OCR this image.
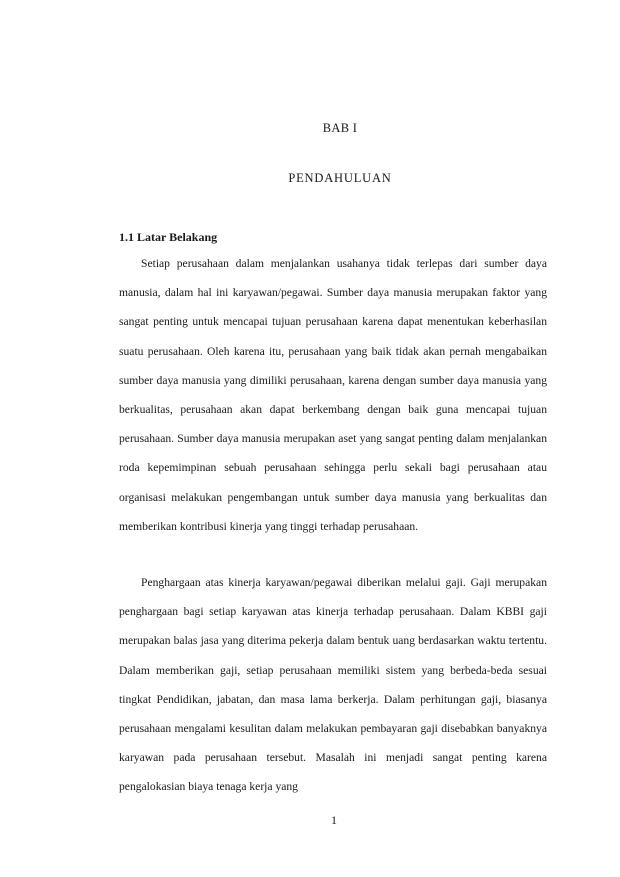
BAB I
PENDAHULUAN
1.1 Latar Belakang

Setiap perusahaan dalam menjalankan usahanya tidak terlepas dari sumber daya manusia, dalam hal ini karyawan/pegawai. Sumber daya manusia merupakan faktor yang sangat penting untuk mencapai tujuan perusahaan karena dapat menentukan keberhasilan suatu perusahaan. Oleh karena itu, perusahaan yang baik tidak akan pernah mengabaikan sumber daya manusia yang dimiliki perusahaan, karena dengan sumber daya manusia yang berkualitas, perusahaan akan dapat berkembang dengan baik guna mencapai tujuan perusahaan. Sumber daya manusia merupakan aset yang sangat penting dalam menjalankan roda kepemimpinan sebuah perusahaan sehingga perlu sekali bagi perusahaan atau organisasi melakukan pengembangan untuk sumber daya manusia yang berkualitas dan memberikan kontribusi kinerja yang tinggi terhadap perusahaan.

Penghargaan atas kinerja karyawan/pegawai diberikan melalui gaji. Gaji merupakan penghargaan bagi setiap karyawan atas kinerja terhadap perusahaan. Dalam KBBI gaji merupakan balas jasa yang diterima pekerja dalam bentuk uang berdasarkan waktu tertentu. Dalam memberikan gaji, setiap perusahaan memiliki sistem yang berbeda-beda sesuai tingkat Pendidikan, jabatan, dan masa lama berkerja. Dalam perhitungan gaji, biasanya perusahaan mengalami kesulitan dalam melakukan pembayaran gaji disebabkan banyaknya karyawan pada perusahaan tersebut. Masalah ini menjadi sangat penting karena pengalokasian biaya tenaga kerja yang

1
